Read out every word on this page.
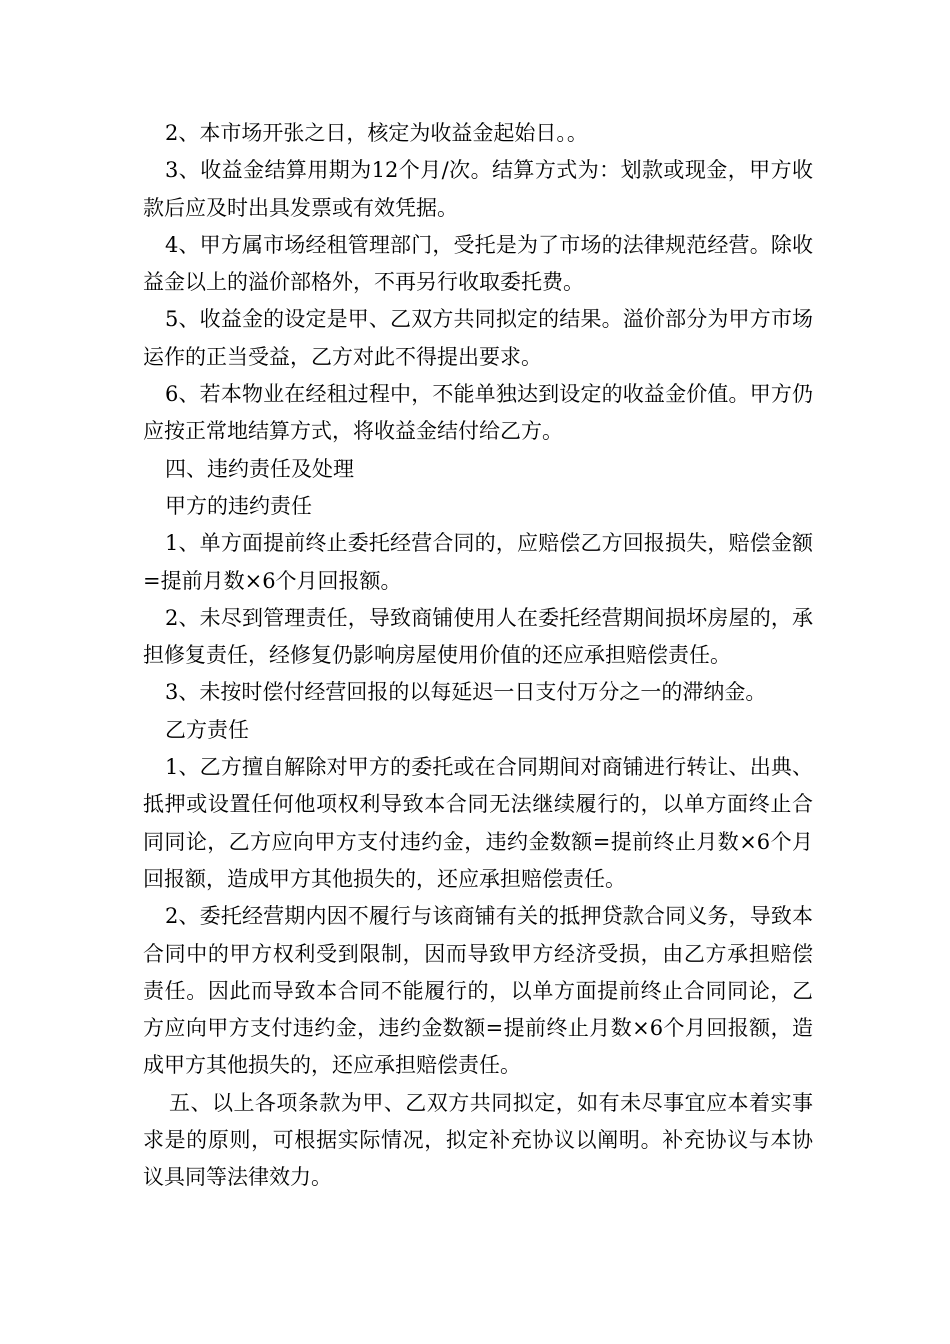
2、本市场开张之日，核定为收益金起始日。。

3、收益金结算用期为12个月/次。结算方式为：划款或现金，甲方收款后应及时出具发票或有效凭据。

4、甲方属市场经租管理部门，受托是为了市场的法律规范经营。除收益金以上的溢价部格外，不再另行收取委托费。

5、收益金的设定是甲、乙双方共同拟定的结果。溢价部分为甲方市场运作的正当受益，乙方对此不得提出要求。

6、若本物业在经租过程中，不能单独达到设定的收益金价值。甲方仍应按正常地结算方式，将收益金结付给乙方。

四、违约责任及处理

甲方的违约责任

1、单方面提前终止委托经营合同的，应赔偿乙方回报损失，赔偿金额=提前月数×6个月回报额。

2、未尽到管理责任，导致商铺使用人在委托经营期间损坏房屋的，承担修复责任，经修复仍影响房屋使用价值的还应承担赔偿责任。

3、未按时偿付经营回报的以每延迟一日支付万分之一的滞纳金。

乙方责任

1、乙方擅自解除对甲方的委托或在合同期间对商铺进行转让、出典、抵押或设置任何他项权利导致本合同无法继续履行的，以单方面终止合同同论，乙方应向甲方支付违约金，违约金数额=提前终止月数×6个月回报额，造成甲方其他损失的，还应承担赔偿责任。

2、委托经营期内因不履行与该商铺有关的抵押贷款合同义务，导致本合同中的甲方权利受到限制，因而导致甲方经济受损，由乙方承担赔偿责任。因此而导致本合同不能履行的，以单方面提前终止合同同论，乙方应向甲方支付违约金，违约金数额=提前终止月数×6个月回报额，造成甲方其他损失的，还应承担赔偿责任。

五、以上各项条款为甲、乙双方共同拟定，如有未尽事宜应本着实事求是的原则，可根据实际情况，拟定补充协议以阐明。补充协议与本协议具同等法律效力。
